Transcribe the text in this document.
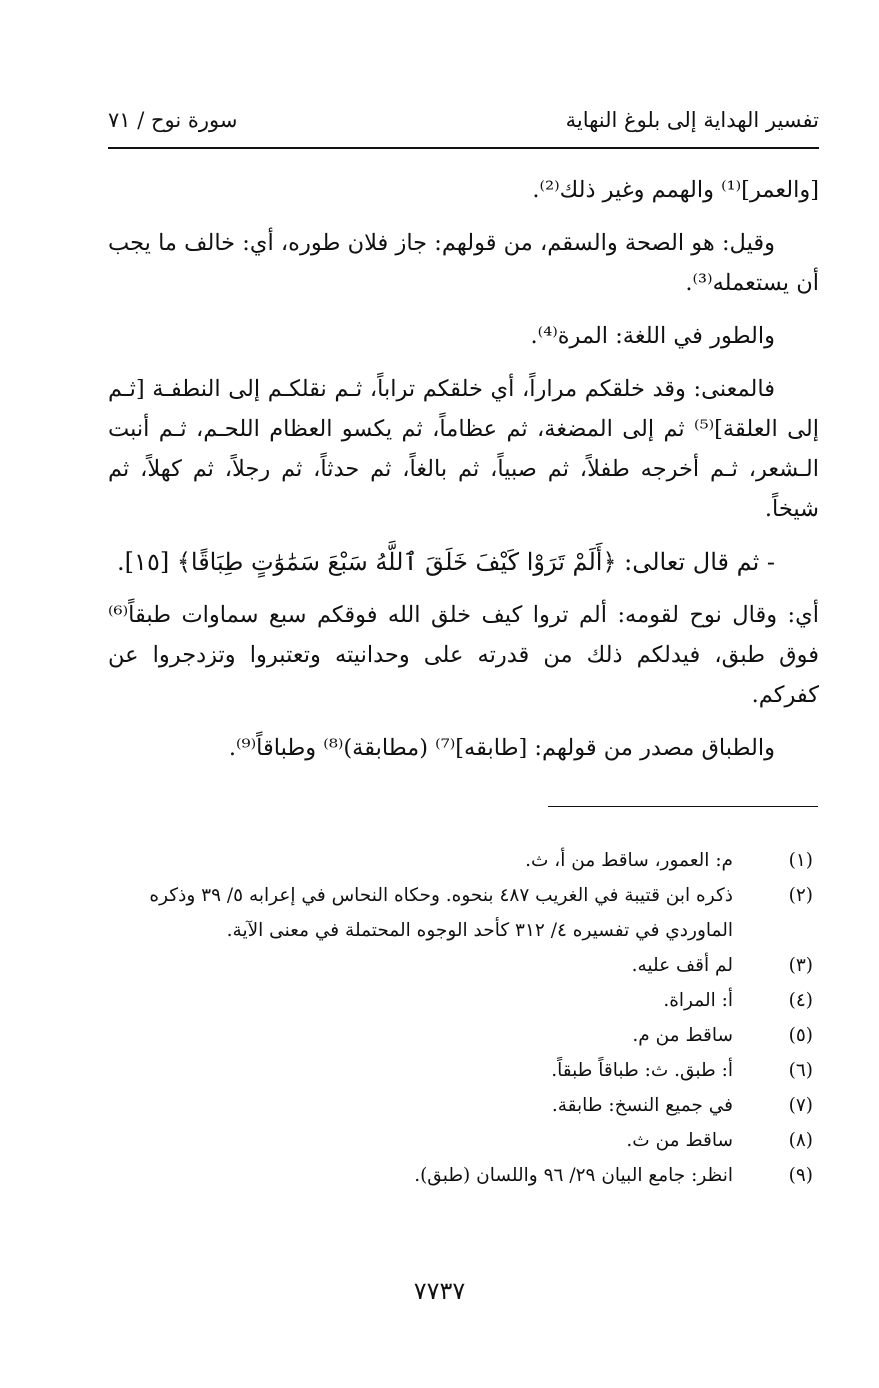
تفسير الهداية إلى بلوغ النهاية
سورة نوح / ٧١

[والعمر]⁽¹⁾ والهمم وغير ذلك⁽²⁾.

وقيل: هو الصحة والسقم، من قولهم: جاز فلان طوره، أي: خالف ما يجب أن يستعمله⁽³⁾.

والطور في اللغة: المرة⁽⁴⁾.

فالمعنى: وقد خلقكم مراراً، أي خلقكم تراباً، ثـم نقلكـم إلى النطفـة [ثـم إلى العلقة]⁽⁵⁾ ثم إلى المضغة، ثم عظاماً، ثم يكسو العظام اللحـم، ثـم أنبت الـشعر، ثـم أخرجه طفلاً، ثم صبياً، ثم بالغاً، ثم حدثاً، ثم رجلاً، ثم كهلاً، ثم شيخاً.

- ثم قال تعالى: ﴿أَلَمْ تَرَوْا كَيْفَ خَلَقَ ٱللَّهُ سَبْعَ سَمَٰوَٰتٍ طِبَاقًا﴾ [١٥].

أي: وقال نوح لقومه: ألم تروا كيف خلق الله فوقكم سبع سماوات طبقاً⁽⁶⁾ فوق طبق، فيدلكم ذلك من قدرته على وحدانيته وتعتبروا وتزدجروا عن كفركم.

والطباق مصدر من قولهم: [طابقه]⁽⁷⁾ (مطابقة)⁽⁸⁾ وطباقاً⁽⁹⁾.

(١)
م: العمور، ساقط من أ، ث.
(٢)
ذكره ابن قتيبة في الغريب ٤٨٧ بنحوه. وحكاه النحاس في إعرابه ٥/ ٣٩ وذكره الماوردي في تفسيره ٤/ ٣١٢ كأحد الوجوه المحتملة في معنى الآية.
(٣)
لم أقف عليه.
(٤)
أ: المراة.
(٥)
ساقط من م.
(٦)
أ: طبق. ث: طباقاً طبقاً.
(٧)
في جميع النسخ: طابقة.
(٨)
ساقط من ث.
(٩)
انظر: جامع البيان ٢٩/ ٩٦ واللسان (طبق).
٧٧٣٧
